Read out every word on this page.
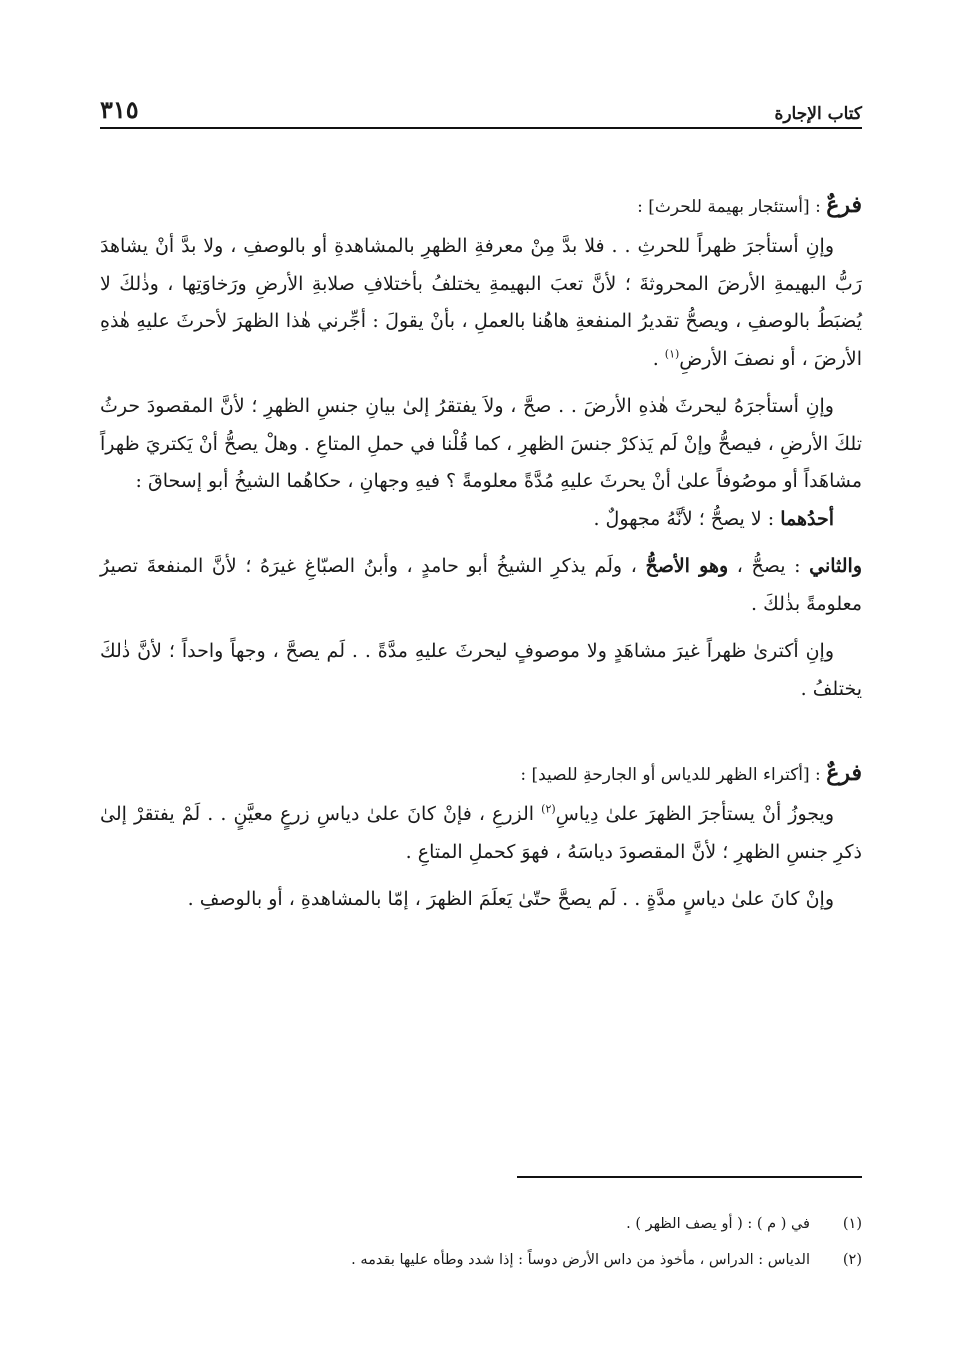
كتاب الإجارة
٣١٥

فرعٌ : [أستئجار بهيمة للحرث] :

وإنِ أستأجرَ ظهراً للحرثِ . . فلا بدَّ مِنْ معرفةِ الظهرِ بالمشاهدةِ أو بالوصفِ ، ولا بدَّ أنْ يشاهدَ رَبُّ البهيمةِ الأرضَ المحروثةَ ؛ لأنَّ تعبَ البهيمةِ يختلفُ بأختلافِ صلابةِ الأرضِ ورَخاوَتِها ، وذٰلكَ لا يُضبَطُ بالوصفِ ، ويصحُّ تقديرُ المنفعةِ هاهُنا بالعملِ ، بأنْ يقولَ : أجِّرني هٰذا الظهرَ لأحرثَ عليهِ هٰذهِ الأرضَ ، أو نصفَ الأرضِ$^{(١)}$ .

وإنِ أستأجرَهُ ليحرثَ هٰذهِ الأرضَ . . صحَّ ، ولاَ يفتقرُ إلىٰ بيانِ جنسِ الظهرِ ؛ لأنَّ المقصودَ حرثُ تلكَ الأرضِ ، فيصحُّ وإنْ لَم يَذكرْ جنسَ الظهرِ ، كما قُلْنا في حملِ المتاعِ . وهلْ يصحُّ أنْ يَكتريَ ظهراً مشاهَداً أو موصُوفاً علىٰ أنْ يحرثَ عليهِ مُدَّةً معلومةً ؟ فيهِ وجهانِ ، حكاهُما الشيخُ أبو إسحاقَ :

أحدُهما : لا يصحُّ ؛ لأنَّهُ مجهولٌ .

والثاني : يصحُّ ، وهو الأصحُّ ، ولَم يذكرِ الشيخُ أبو حامدٍ ، وأبنُ الصبّاغِ غيرَهُ ؛ لأنَّ المنفعةَ تصيرُ معلومةً بذٰلكَ .

وإنِ أكترىٰ ظهراً غيرَ مشاهَدٍ ولا موصوفٍ ليحرثَ عليهِ مدَّةً . . لَم يصحَّ ، وجهاً واحداً ؛ لأنَّ ذٰلكَ يختلفُ .

فرعٌ : [أكتراء الظهر للدياس أو الجارحةِ للصيد] :

ويجوزُ أنْ يستأجرَ الظهرَ علىٰ دِياسِ$^{(٢)}$ الزرعِ ، فإنْ كانَ علىٰ دياسِ زرعٍ معيَّنٍ . . لَمْ يفتقرْ إلىٰ ذكرِ جنسِ الظهرِ ؛ لأنَّ المقصودَ دياسَهُ ، فهوَ كحملِ المتاعِ .

وإنْ كانَ علىٰ دياسٍ مدَّةٍ . . لَم يصحَّ حتّىٰ يَعلَمَ الظهرَ ، إمّا بالمشاهدةِ ، أو بالوصفِ .

(١)
في ( م ) : ( أو يصف الظهر ) .
(٢)
الدياس : الدراس ، مأخوذ من داس الأرض دوساً : إذا شدد وطأه عليها بقدمه .
